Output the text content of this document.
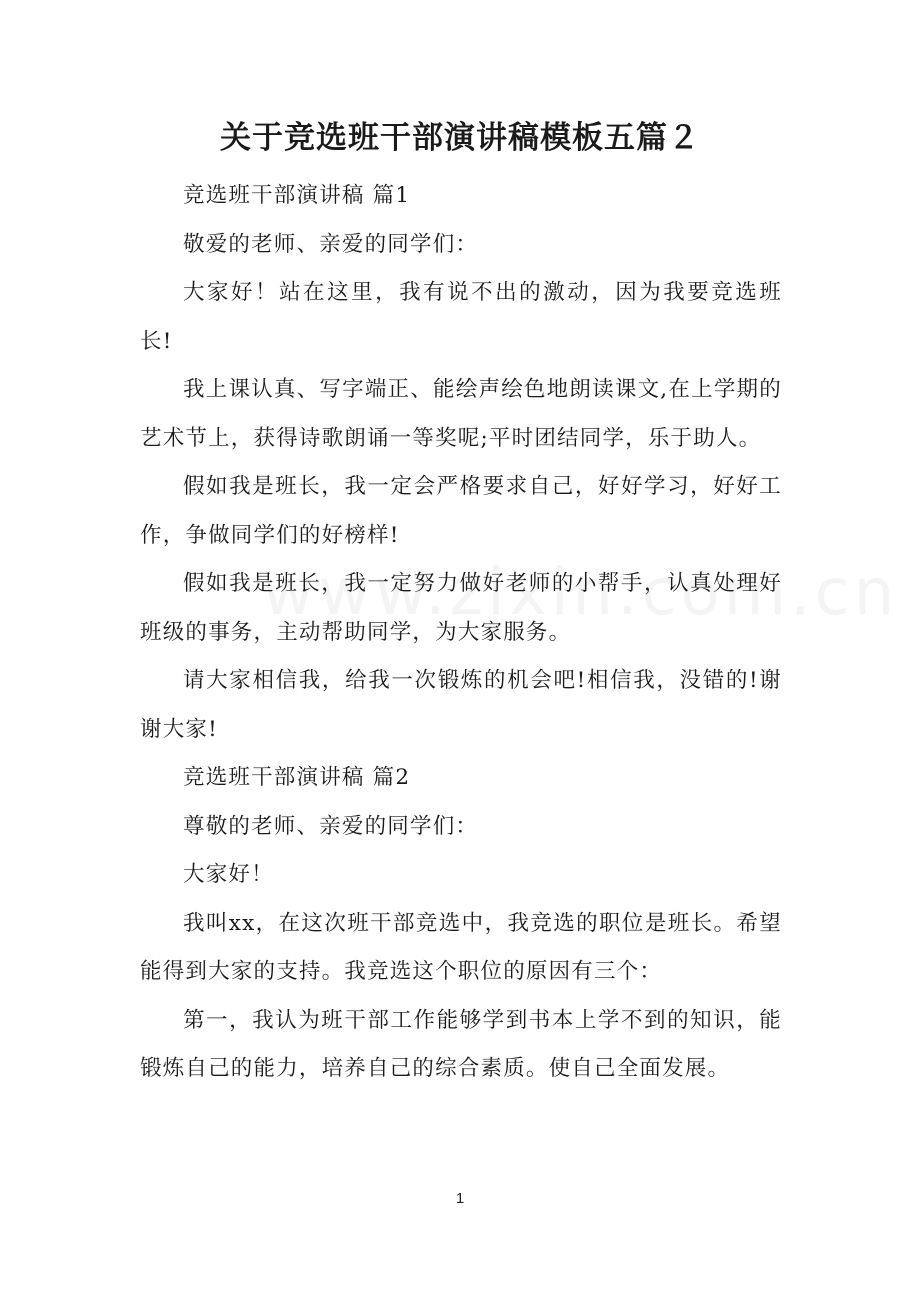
关于竞选班干部演讲稿模板五篇２

竞选班干部演讲稿 篇1

敬爱的老师、亲爱的同学们：

大家好！站在这里，我有说不出的激动，因为我要竞选班长!

我上课认真、写字端正、能绘声绘色地朗读课文,在上学期的艺术节上，获得诗歌朗诵一等奖呢;平时团结同学，乐于助人。

假如我是班长，我一定会严格要求自己，好好学习，好好工作，争做同学们的好榜样!

假如我是班长，我一定努力做好老师的小帮手，认真处理好班级的事务，主动帮助同学，为大家服务。

请大家相信我，给我一次锻炼的机会吧!相信我，没错的!谢谢大家!

竞选班干部演讲稿 篇2

尊敬的老师、亲爱的同学们：

大家好！

我叫xx，在这次班干部竞选中，我竞选的职位是班长。希望能得到大家的支持。我竞选这个职位的原因有三个：

第一，我认为班干部工作能够学到书本上学不到的知识，能锻炼自己的能力，培养自己的综合素质。使自己全面发展。

1
